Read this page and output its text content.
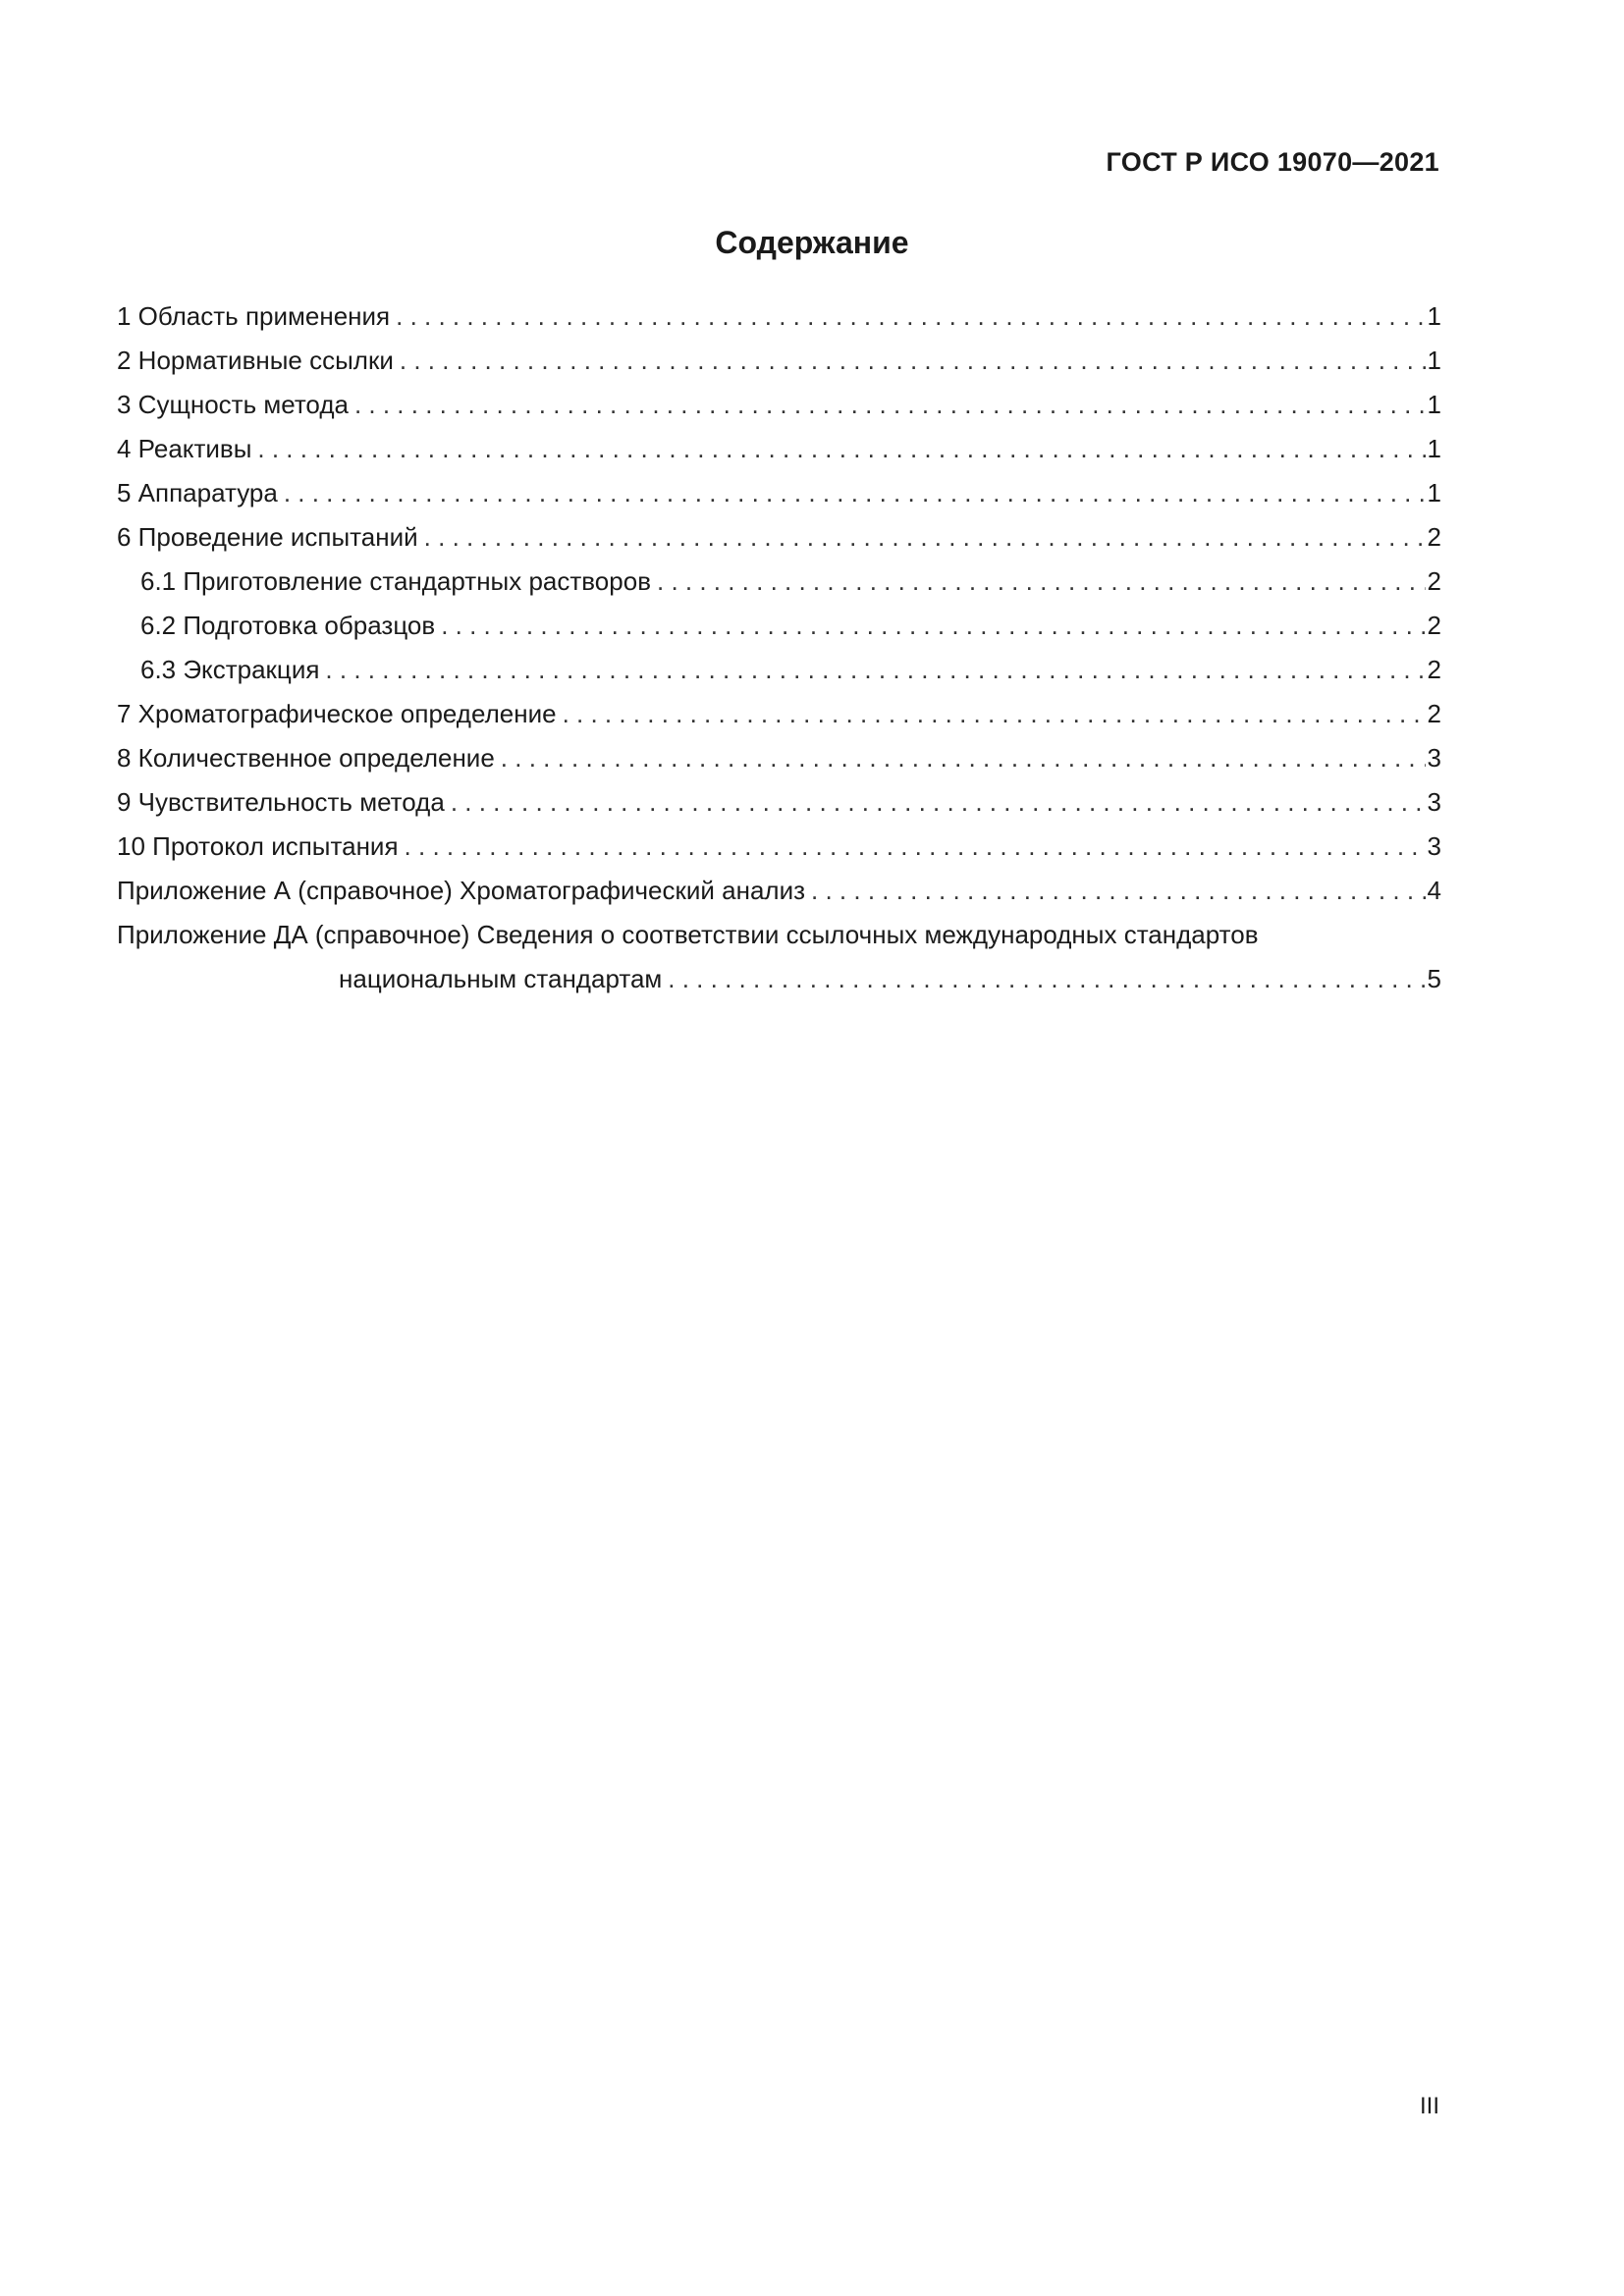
ГОСТ Р ИСО 19070—2021
Содержание
1 Область применения . . .	1
2 Нормативные ссылки . . .	1
3 Сущность метода . . .	1
4 Реактивы . . .	1
5 Аппаратура . . .	1
6 Проведение испытаний . . .	2
6.1 Приготовление стандартных растворов . . .	2
6.2 Подготовка образцов . . .	2
6.3 Экстракция . . .	2
7 Хроматографическое определение . . .	2
8 Количественное определение . . .	3
9 Чувствительность метода . . .	3
10 Протокол испытания . . .	3
Приложение А (справочное) Хроматографический анализ . . .	4
Приложение ДА (справочное) Сведения о соответствии ссылочных международных стандартов
национальным стандартам . . .	5
III
